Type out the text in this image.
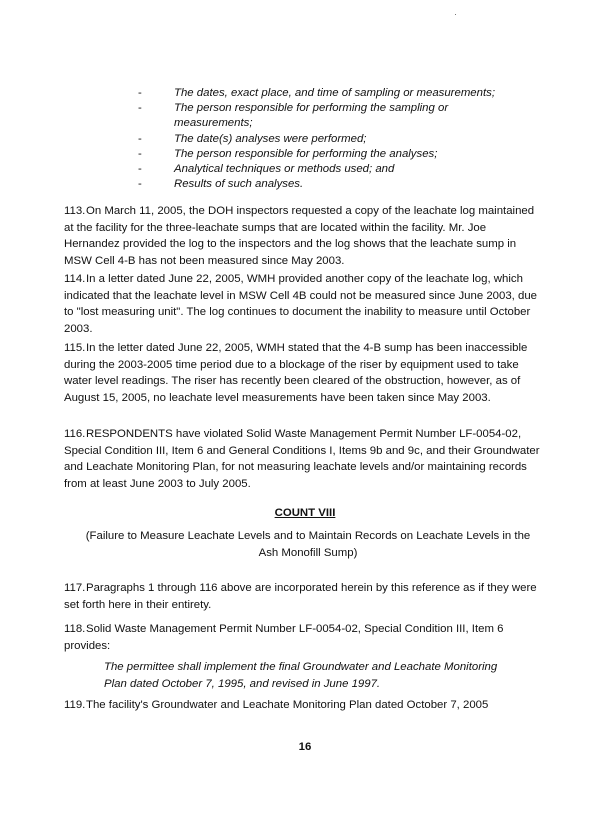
-	The dates, exact place, and time of sampling or measurements;
-	The person responsible for performing the sampling or measurements;
-	The date(s) analyses were performed;
-	The person responsible for performing the analyses;
-	Analytical techniques or methods used; and
-	Results of such analyses.

113.On March 11, 2005, the DOH inspectors requested a copy of the leachate log maintained at the facility for the three-leachate sumps that are located within the facility. Mr. Joe Hernandez provided the log to the inspectors and the log shows that the leachate sump in MSW Cell 4-B has not been measured since May 2003.

114.In a letter dated June 22, 2005, WMH provided another copy of the leachate log, which indicated that the leachate level in MSW Cell 4B could not be measured since June 2003, due to "lost measuring unit". The log continues to document the inability to measure until October 2003.

115.In the letter dated June 22, 2005, WMH stated that the 4-B sump has been inaccessible during the 2003-2005 time period due to a blockage of the riser by equipment used to take water level readings. The riser has recently been cleared of the obstruction, however, as of August 15, 2005, no leachate level measurements have been taken since May 2003.

116.RESPONDENTS have violated Solid Waste Management Permit Number LF-0054-02, Special Condition III, Item 6 and General Conditions I, Items 9b and 9c, and their Groundwater and Leachate Monitoring Plan, for not measuring leachate levels and/or maintaining records from at least June 2003 to July 2005.

COUNT VIII

(Failure to Measure Leachate Levels and to Maintain Records on Leachate Levels in the Ash Monofill Sump)

117.Paragraphs 1 through 116 above are incorporated herein by this reference as if they were set forth here in their entirety.

118.Solid Waste Management Permit Number LF-0054-02, Special Condition III, Item 6 provides:

The permittee shall implement the final Groundwater and Leachate Monitoring Plan dated October 7, 1995, and revised in June 1997.

119.The facility's Groundwater and Leachate Monitoring Plan dated October 7, 2005

16
